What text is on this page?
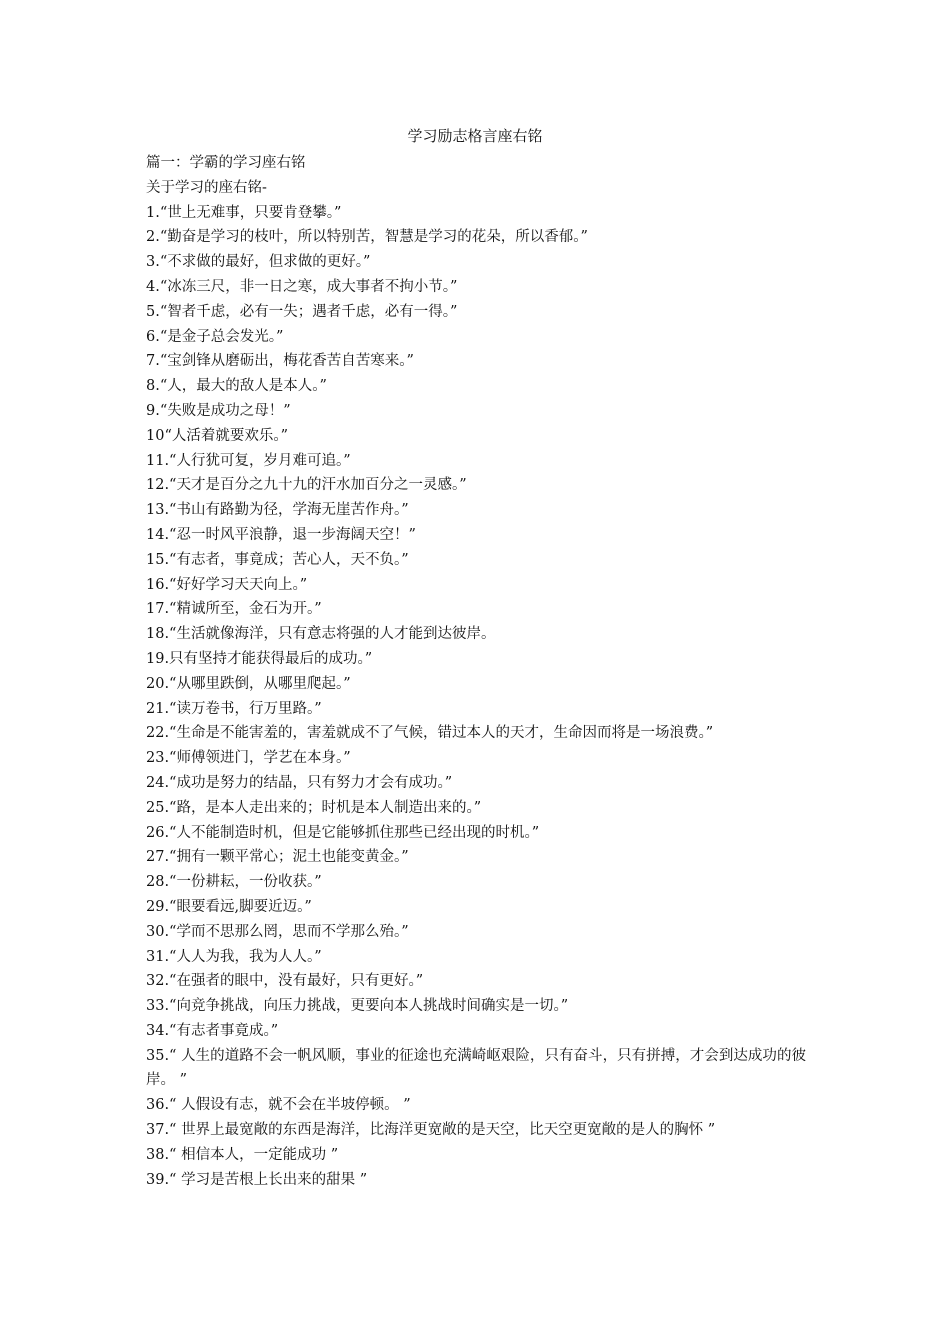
学习励志格言座右铭
篇一：学霸的学习座右铭
关于学习的座右铭-
1.“世上无难事，只要肯登攀。”
2.“勤奋是学习的枝叶，所以特别苦，智慧是学习的花朵，所以香郁。”
3.“不求做的最好，但求做的更好。”
4.“冰冻三尺，非一日之寒，成大事者不拘小节。”
5.“智者千虑，必有一失；遇者千虑，必有一得。”
6.“是金子总会发光。”
7.“宝剑锋从磨砺出，梅花香苦自苦寒来。”
8.“人，最大的敌人是本人。”
9.“失败是成功之母！”
10“人活着就要欢乐。”
11.“人行犹可复，岁月难可追。”
12.“天才是百分之九十九的汗水加百分之一灵感。”
13.“书山有路勤为径，学海无崖苦作舟。”
14.“忍一时风平浪静，退一步海阔天空！”
15.“有志者，事竟成；苦心人，天不负。”
16.“好好学习天天向上。”
17.“精诚所至，金石为开。”
18.“生活就像海洋，只有意志将强的人才能到达彼岸。
19.只有坚持才能获得最后的成功。”
20.“从哪里跌倒，从哪里爬起。”
21.“读万卷书，行万里路。”
22.“生命是不能害羞的，害羞就成不了气候，错过本人的天才，生命因而将是一场浪费。”
23.“师傅领进门，学艺在本身。”
24.“成功是努力的结晶，只有努力才会有成功。”
25.“路，是本人走出来的；时机是本人制造出来的。”
26.“人不能制造时机，但是它能够抓住那些已经出现的时机。”
27.“拥有一颗平常心；泥土也能变黄金。”
28.“一份耕耘，一份收获。”
29.“眼要看远,脚要近迈。”
30.“学而不思那么罔，思而不学那么殆。”
31.“人人为我，我为人人。”
32.“在强者的眼中，没有最好，只有更好。”
33.“向竞争挑战，向压力挑战，更要向本人挑战时间确实是一切。”
34.“有志者事竟成。”
35.“ 人生的道路不会一帆风顺，事业的征途也充满崎岖艰险，只有奋斗，只有拼搏，才会到达成功的彼岸。 ”
36.“ 人假设有志，就不会在半坡停顿。 ”
37.“ 世界上最宽敞的东西是海洋，比海洋更宽敞的是天空，比天空更宽敞的是人的胸怀 ”
38.“ 相信本人，一定能成功 ”
39.“ 学习是苦根上长出来的甜果 ”
